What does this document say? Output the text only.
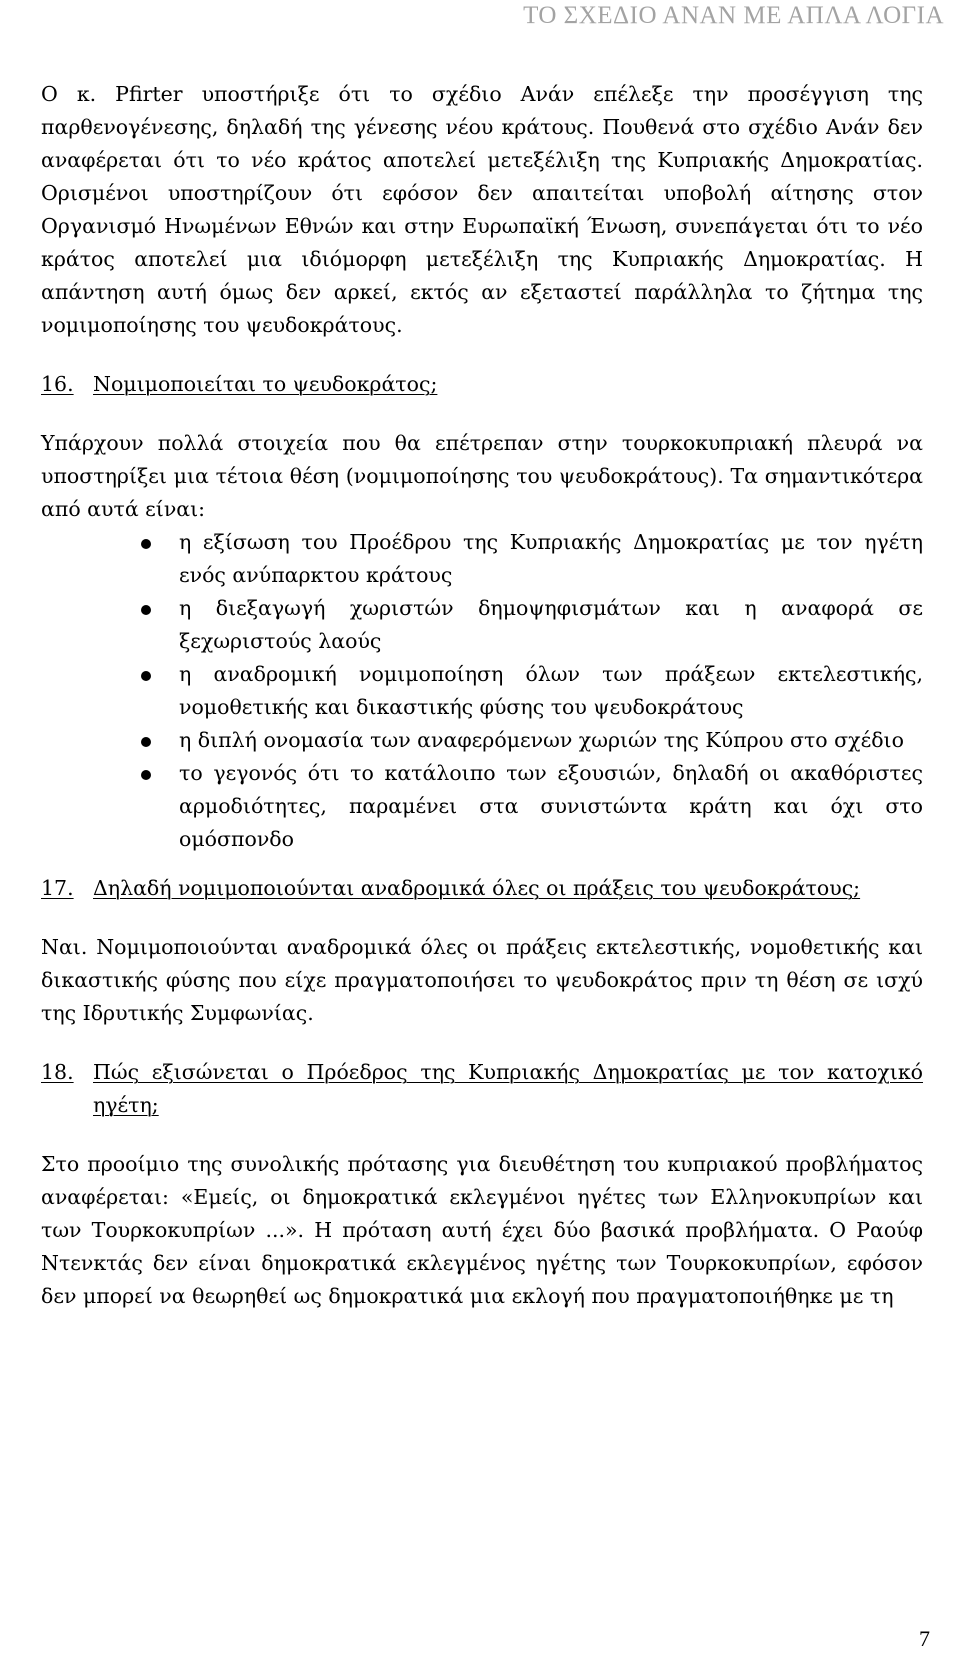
ΤΟ ΣΧΕΔΙΟ ΑΝΑΝ ΜΕ ΑΠΛΑ ΛΟΓΙΑ

Ο κ. Pfirter υποστήριξε ότι το σχέδιο Ανάν επέλεξε την προσέγγιση της παρθενογένεσης, δηλαδή της γένεσης νέου κράτους. Πουθενά στο σχέδιο Ανάν δεν αναφέρεται ότι το νέο κράτος αποτελεί μετεξέλιξη της Κυπριακής Δημοκρατίας. Ορισμένοι υποστηρίζουν ότι εφόσον δεν απαιτείται υποβολή αίτησης στον Οργανισμό Ηνωμένων Εθνών και στην Ευρωπαϊκή Ένωση, συνεπάγεται ότι το νέο κράτος αποτελεί μια ιδιόμορφη μετεξέλιξη της Κυπριακής Δημοκρατίας. Η απάντηση αυτή όμως δεν αρκεί, εκτός αν εξεταστεί παράλληλα το ζήτημα της νομιμοποίησης του ψευδοκράτους.

16. Νομιμοποιείται το ψευδοκράτος;

Υπάρχουν πολλά στοιχεία που θα επέτρεπαν στην τουρκοκυπριακή πλευρά να υποστηρίξει μια τέτοια θέση (νομιμοποίησης του ψευδοκράτους). Τα σημαντικότερα από αυτά είναι:

η εξίσωση του Προέδρου της Κυπριακής Δημοκρατίας με τον ηγέτη ενός ανύπαρκτου κράτους
η διεξαγωγή χωριστών δημοψηφισμάτων και η αναφορά σε ξεχωριστούς λαούς
η αναδρομική νομιμοποίηση όλων των πράξεων εκτελεστικής, νομοθετικής και δικαστικής φύσης του ψευδοκράτους
η διπλή ονομασία των αναφερόμενων χωριών της Κύπρου στο σχέδιο
το γεγονός ότι το κατάλοιπο των εξουσιών, δηλαδή οι ακαθόριστες αρμοδιότητες, παραμένει στα συνιστώντα κράτη και όχι στο ομόσπονδο
17. Δηλαδή νομιμοποιούνται αναδρομικά όλες οι πράξεις του ψευδοκράτους;

Ναι. Νομιμοποιούνται αναδρομικά όλες οι πράξεις εκτελεστικής, νομοθετικής και δικαστικής φύσης που είχε πραγματοποιήσει το ψευδοκράτος πριν τη θέση σε ισχύ της Ιδρυτικής Συμφωνίας.

18. Πώς εξισώνεται ο Πρόεδρος της Κυπριακής Δημοκρατίας με τον κατοχικό ηγέτη;

Στο προοίμιο της συνολικής πρότασης για διευθέτηση του κυπριακού προβλήματος αναφέρεται: «Εμείς, οι δημοκρατικά εκλεγμένοι ηγέτες των Ελληνοκυπρίων και των Τουρκοκυπρίων ...». Η πρόταση αυτή έχει δύο βασικά προβλήματα. Ο Ραούφ Ντενκτάς δεν είναι δημοκρατικά εκλεγμένος ηγέτης των Τουρκοκυπρίων, εφόσον δεν μπορεί να θεωρηθεί ως δημοκρατικά μια εκλογή που πραγματοποιήθηκε με τη

7
